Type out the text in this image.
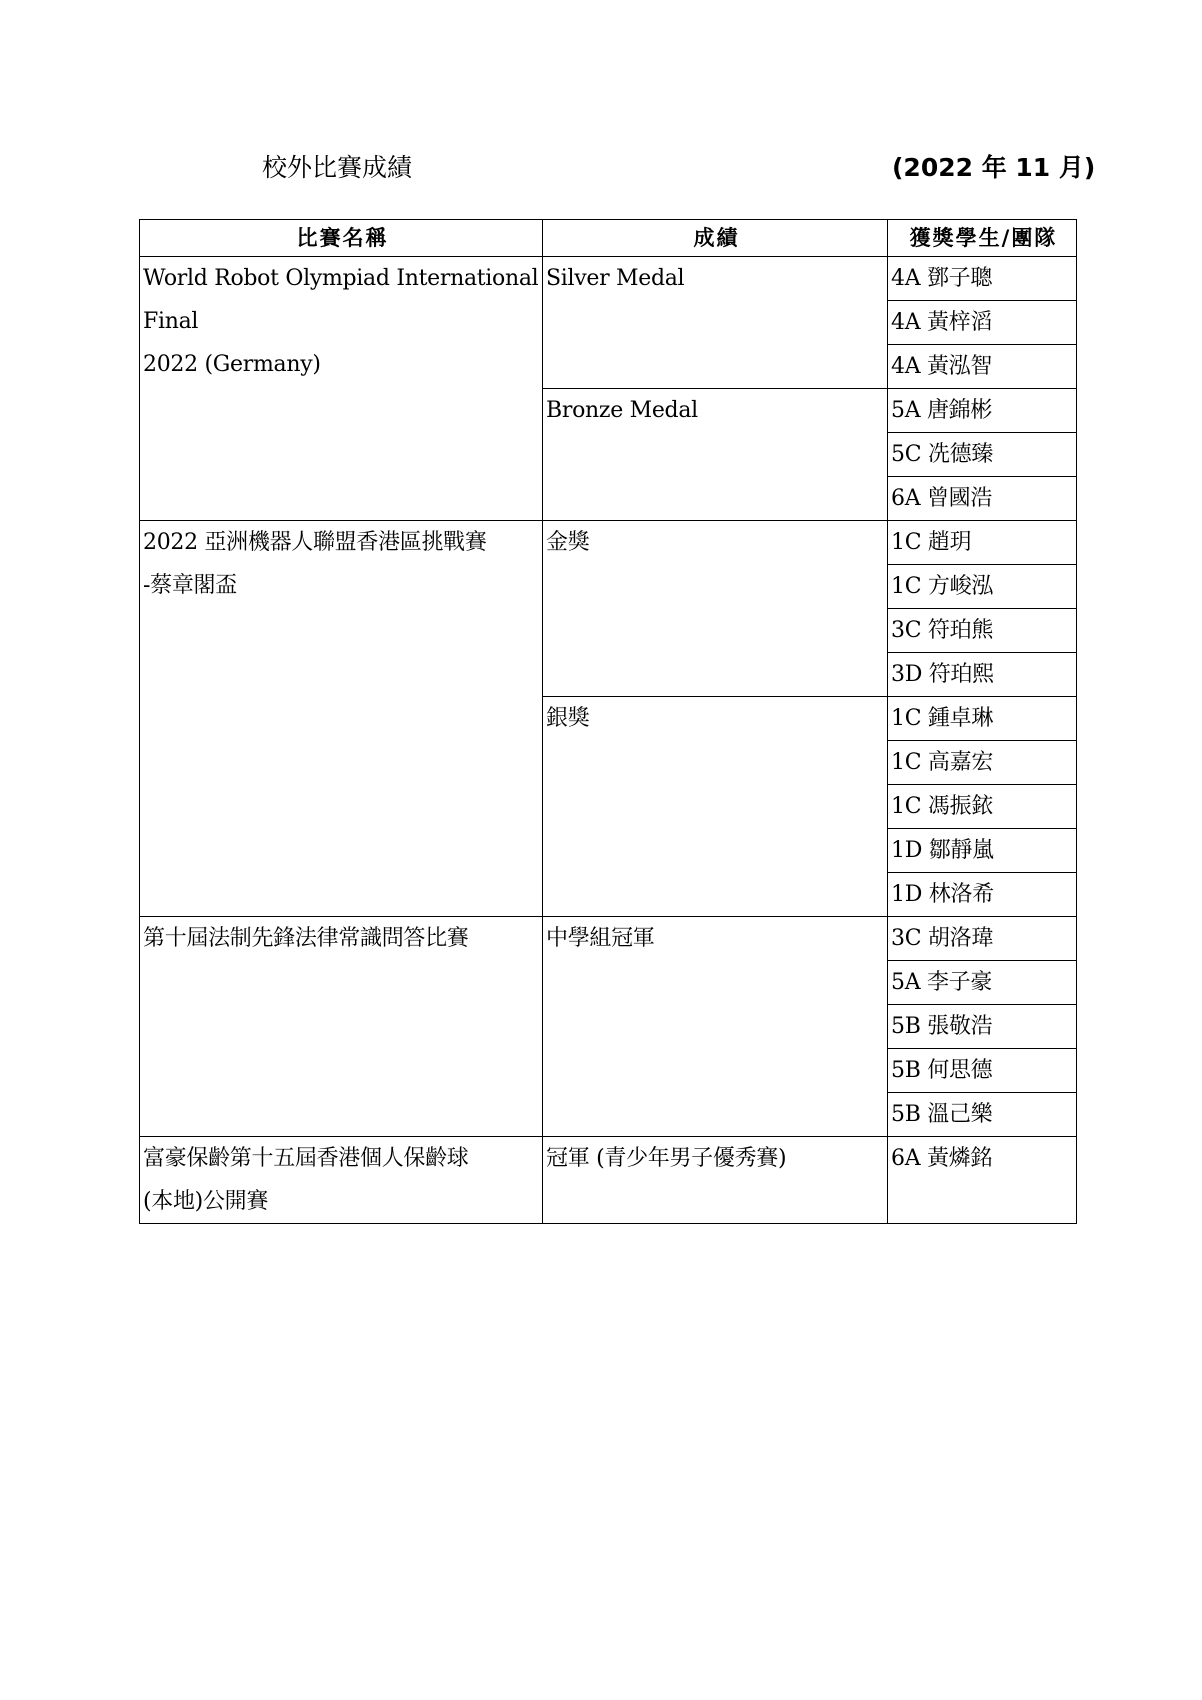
校外比賽成績	(2022 年 11 月)
比賽名稱	成績	獲獎學生/團隊

World Robot Olympiad International Final
2022 (Germany)	Silver Medal	4A 鄧子聰
		4A 黃梓滔
		4A 黃泓智
	Bronze Medal	5A 唐錦彬
		5C 冼德臻
		6A 曾國浩

2022 亞洲機器人聯盟香港區挑戰賽
-蔡章閣盃	金獎	1C 趙玥
		1C 方峻泓
		3C 符珀熊
		3D 符珀熙
	銀獎	1C 鍾卓琳
		1C 高嘉宏
		1C 馮振銥
		1D 鄒靜嵐
		1D 林洛希

第十屆法制先鋒法律常識問答比賽	中學組冠軍	3C 胡洛瑋
		5A 李子豪
		5B 張敬浩
		5B 何思德
		5B 溫己樂

富豪保齡第十五屆香港個人保齡球
(本地)公開賽	冠軍 (青少年男子優秀賽)	6A 黃燐銘
